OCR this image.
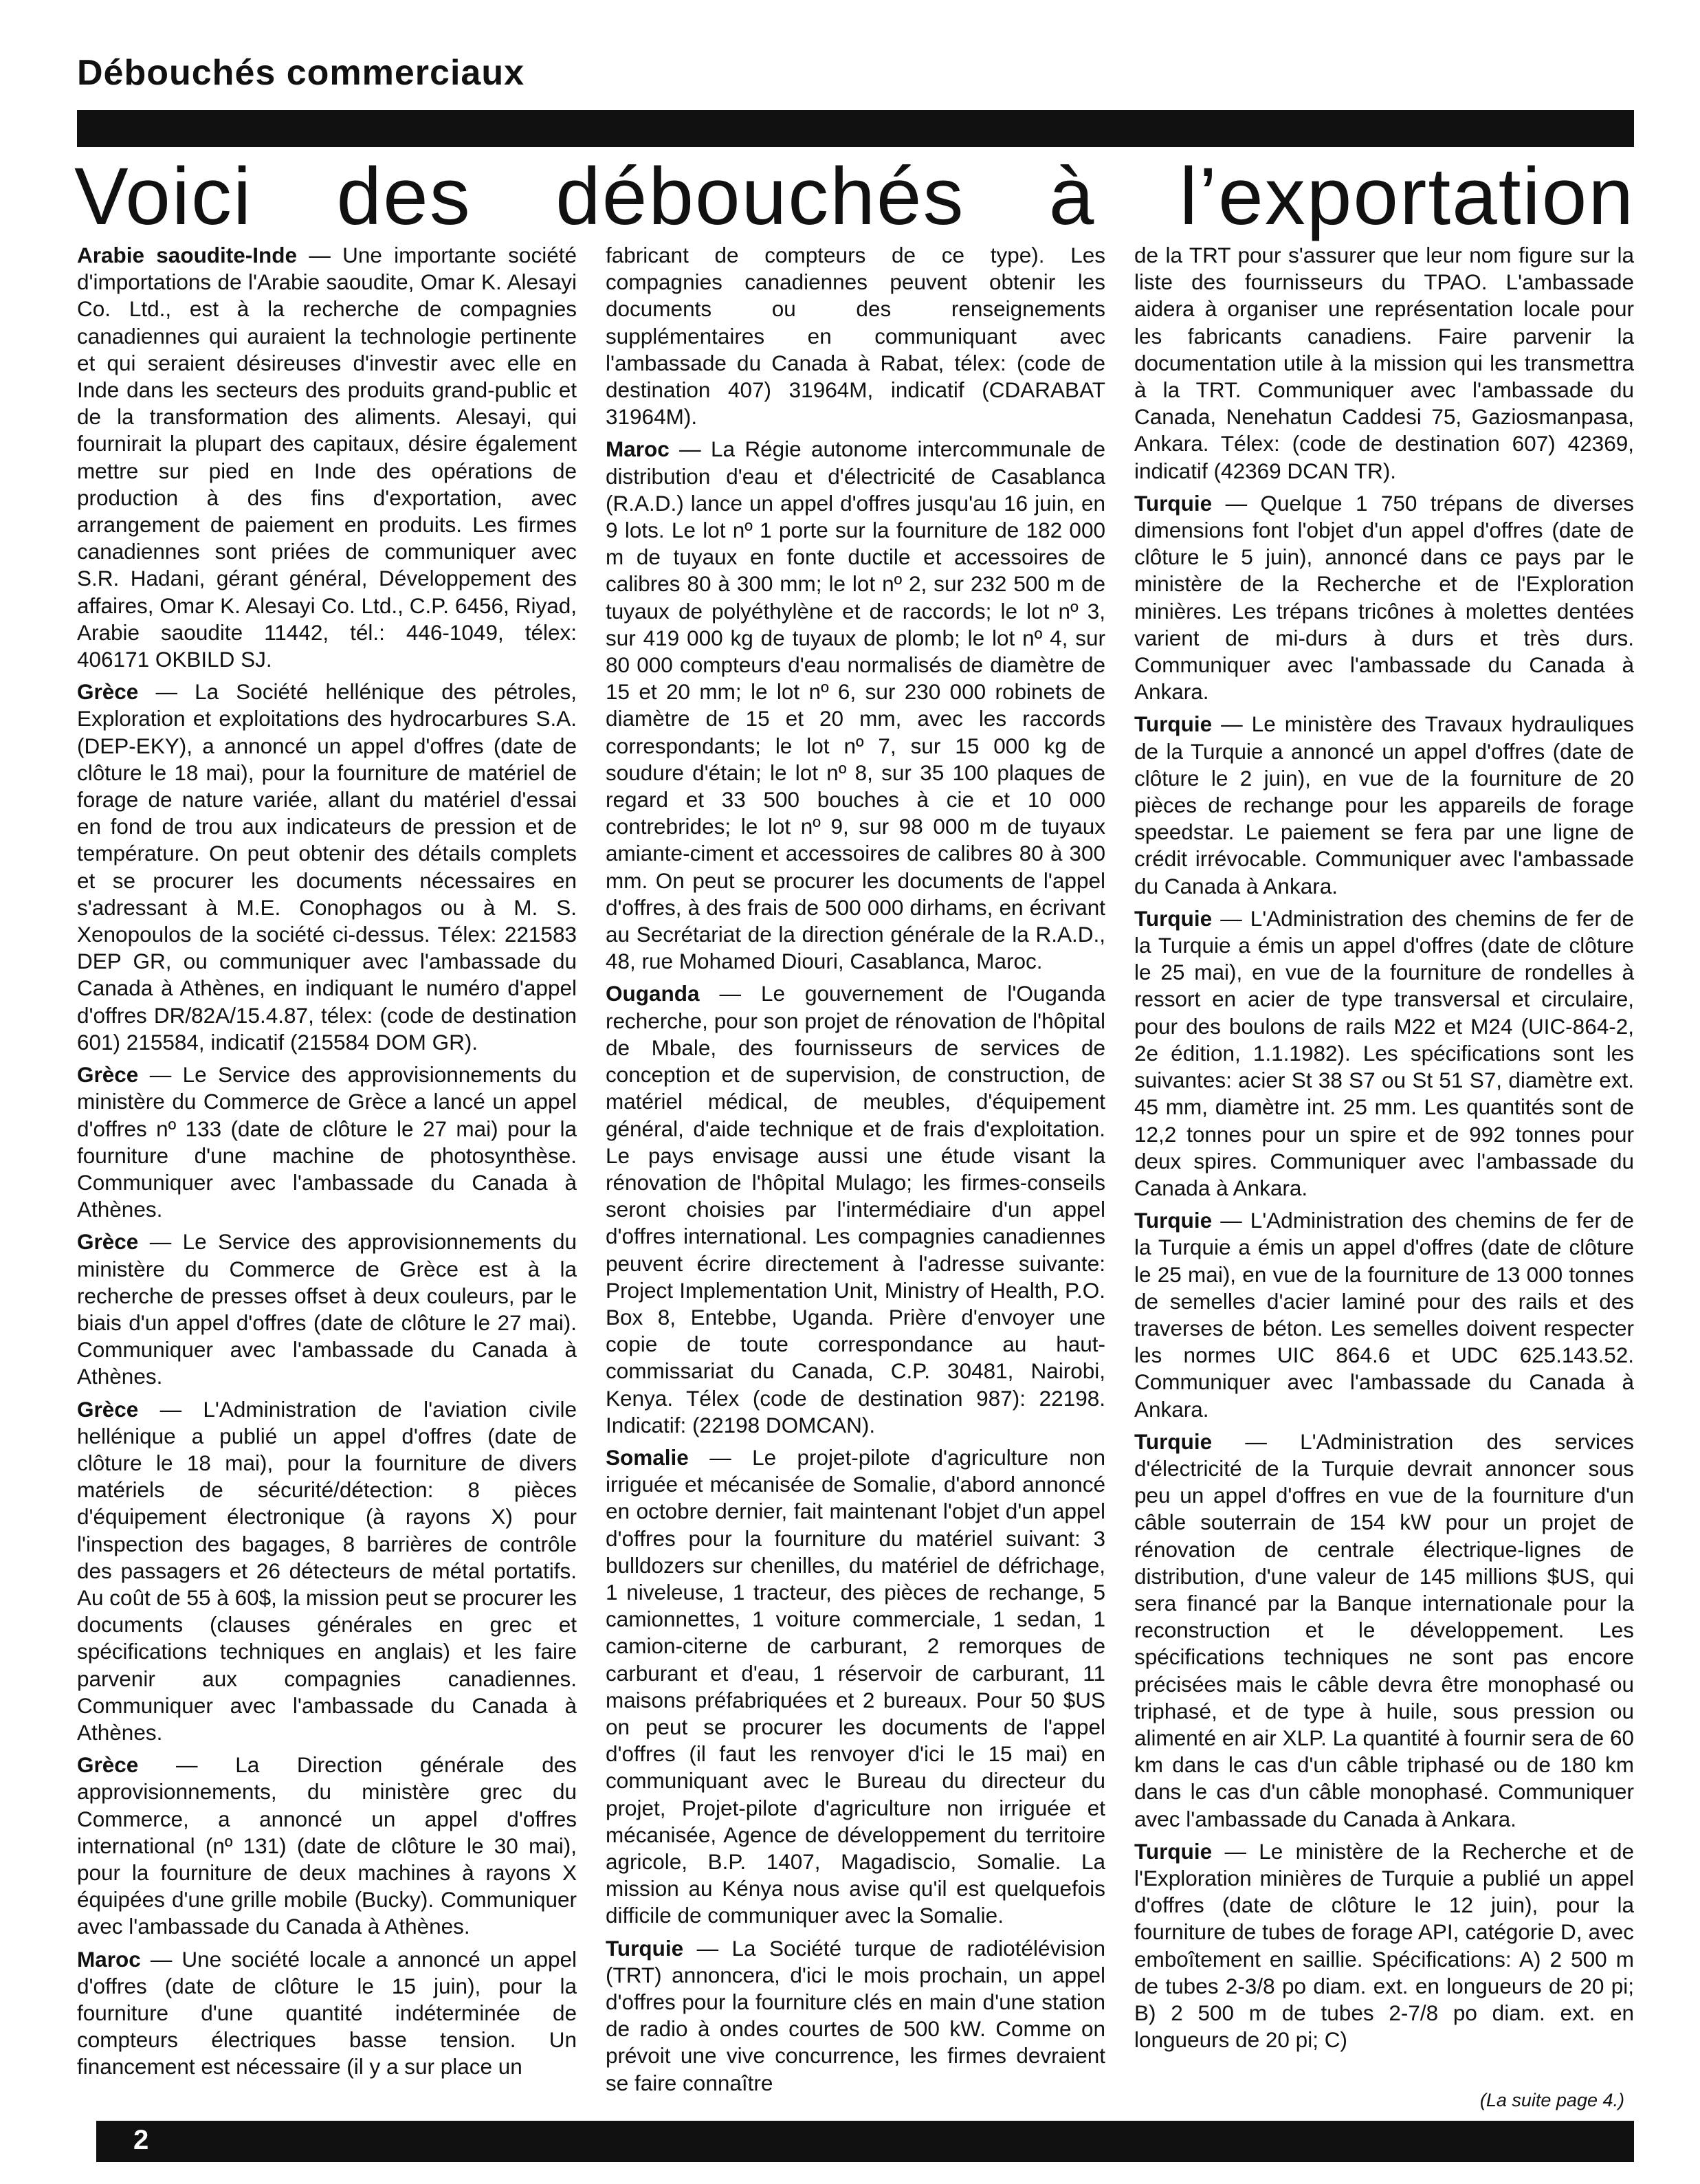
Débouchés commerciaux
Voici des débouchés à l’exportation

Arabie saoudite-Inde — Une importante société d'importations de l'Arabie saoudite, Omar K. Alesayi Co. Ltd., est à la recherche de compagnies canadiennes qui auraient la technologie pertinente et qui seraient désireuses d'investir avec elle en Inde dans les secteurs des produits grand-public et de la transformation des aliments. Alesayi, qui fournirait la plupart des capitaux, désire également mettre sur pied en Inde des opérations de production à des fins d'exportation, avec arrangement de paiement en produits. Les firmes canadiennes sont priées de communiquer avec S.R. Hadani, gérant général, Développement des affaires, Omar K. Alesayi Co. Ltd., C.P. 6456, Riyad, Arabie saoudite 11442, tél.: 446-1049, télex: 406171 OKBILD SJ.

Grèce — La Société hellénique des pétroles, Exploration et exploitations des hydrocarbures S.A. (DEP-EKY), a annoncé un appel d'offres (date de clôture le 18 mai), pour la fourniture de matériel de forage de nature variée, allant du matériel d'essai en fond de trou aux indicateurs de pression et de température. On peut obtenir des détails complets et se procurer les documents nécessaires en s'adressant à M.E. Conophagos ou à M. S. Xenopoulos de la société ci-dessus. Télex: 221583 DEP GR, ou communiquer avec l'ambassade du Canada à Athènes, en indiquant le numéro d'appel d'offres DR/82A/15.4.87, télex: (code de destination 601) 215584, indicatif (215584 DOM GR).

Grèce — Le Service des approvisionnements du ministère du Commerce de Grèce a lancé un appel d'offres nº 133 (date de clôture le 27 mai) pour la fourniture d'une machine de photosynthèse. Communiquer avec l'ambassade du Canada à Athènes.

Grèce — Le Service des approvisionnements du ministère du Commerce de Grèce est à la recherche de presses offset à deux couleurs, par le biais d'un appel d'offres (date de clôture le 27 mai). Communiquer avec l'ambassade du Canada à Athènes.

Grèce — L'Administration de l'aviation civile hellénique a publié un appel d'offres (date de clôture le 18 mai), pour la fourniture de divers matériels de sécurité/détection: 8 pièces d'équipement électronique (à rayons X) pour l'inspection des bagages, 8 barrières de contrôle des passagers et 26 détecteurs de métal portatifs. Au coût de 55 à 60$, la mission peut se procurer les documents (clauses générales en grec et spécifications techniques en anglais) et les faire parvenir aux compagnies canadiennes. Communiquer avec l'ambassade du Canada à Athènes.

Grèce — La Direction générale des approvisionnements, du ministère grec du Commerce, a annoncé un appel d'offres international (nº 131) (date de clôture le 30 mai), pour la fourniture de deux machines à rayons X équipées d'une grille mobile (Bucky). Communiquer avec l'ambassade du Canada à Athènes.

Maroc — Une société locale a annoncé un appel d'offres (date de clôture le 15 juin), pour la fourniture d'une quantité indéterminée de compteurs électriques basse tension. Un financement est nécessaire (il y a sur place un

fabricant de compteurs de ce type). Les compagnies canadiennes peuvent obtenir les documents ou des renseignements supplémentaires en communiquant avec l'ambassade du Canada à Rabat, télex: (code de destination 407) 31964M, indicatif (CDARABAT 31964M).

Maroc — La Régie autonome intercommunale de distribution d'eau et d'électricité de Casablanca (R.A.D.) lance un appel d'offres jusqu'au 16 juin, en 9 lots. Le lot nº 1 porte sur la fourniture de 182 000 m de tuyaux en fonte ductile et accessoires de calibres 80 à 300 mm; le lot nº 2, sur 232 500 m de tuyaux de polyéthylène et de raccords; le lot nº 3, sur 419 000 kg de tuyaux de plomb; le lot nº 4, sur 80 000 compteurs d'eau normalisés de diamètre de 15 et 20 mm; le lot nº 6, sur 230 000 robinets de diamètre de 15 et 20 mm, avec les raccords correspondants; le lot nº 7, sur 15 000 kg de soudure d'étain; le lot nº 8, sur 35 100 plaques de regard et 33 500 bouches à cie et 10 000 contrebrides; le lot nº 9, sur 98 000 m de tuyaux amiante-ciment et accessoires de calibres 80 à 300 mm. On peut se procurer les documents de l'appel d'offres, à des frais de 500 000 dirhams, en écrivant au Secrétariat de la direction générale de la R.A.D., 48, rue Mohamed Diouri, Casablanca, Maroc.

Ouganda — Le gouvernement de l'Ouganda recherche, pour son projet de rénovation de l'hôpital de Mbale, des fournisseurs de services de conception et de supervision, de construction, de matériel médical, de meubles, d'équipement général, d'aide technique et de frais d'exploitation. Le pays envisage aussi une étude visant la rénovation de l'hôpital Mulago; les firmes-conseils seront choisies par l'intermédiaire d'un appel d'offres international. Les compagnies canadiennes peuvent écrire directement à l'adresse suivante: Project Implementation Unit, Ministry of Health, P.O. Box 8, Entebbe, Uganda. Prière d'envoyer une copie de toute correspondance au haut-commissariat du Canada, C.P. 30481, Nairobi, Kenya. Télex (code de destination 987): 22198. Indicatif: (22198 DOMCAN).

Somalie — Le projet-pilote d'agriculture non irriguée et mécanisée de Somalie, d'abord annoncé en octobre dernier, fait maintenant l'objet d'un appel d'offres pour la fourniture du matériel suivant: 3 bulldozers sur chenilles, du matériel de défrichage, 1 niveleuse, 1 tracteur, des pièces de rechange, 5 camionnettes, 1 voiture commerciale, 1 sedan, 1 camion-citerne de carburant, 2 remorques de carburant et d'eau, 1 réservoir de carburant, 11 maisons préfabriquées et 2 bureaux. Pour 50 $US on peut se procurer les documents de l'appel d'offres (il faut les renvoyer d'ici le 15 mai) en communiquant avec le Bureau du directeur du projet, Projet-pilote d'agriculture non irriguée et mécanisée, Agence de développement du territoire agricole, B.P. 1407, Magadiscio, Somalie. La mission au Kénya nous avise qu'il est quelquefois difficile de communiquer avec la Somalie.

Turquie — La Société turque de radiotélévision (TRT) annoncera, d'ici le mois prochain, un appel d'offres pour la fourniture clés en main d'une station de radio à ondes courtes de 500 kW. Comme on prévoit une vive concurrence, les firmes devraient se faire connaître

de la TRT pour s'assurer que leur nom figure sur la liste des fournisseurs du TPAO. L'ambassade aidera à organiser une représentation locale pour les fabricants canadiens. Faire parvenir la documentation utile à la mission qui les transmettra à la TRT. Communiquer avec l'ambassade du Canada, Nenehatun Caddesi 75, Gaziosmanpasa, Ankara. Télex: (code de destination 607) 42369, indicatif (42369 DCAN TR).

Turquie — Quelque 1 750 trépans de diverses dimensions font l'objet d'un appel d'offres (date de clôture le 5 juin), annoncé dans ce pays par le ministère de la Recherche et de l'Exploration minières. Les trépans tricônes à molettes dentées varient de mi-durs à durs et très durs. Communiquer avec l'ambassade du Canada à Ankara.

Turquie — Le ministère des Travaux hydrauliques de la Turquie a annoncé un appel d'offres (date de clôture le 2 juin), en vue de la fourniture de 20 pièces de rechange pour les appareils de forage speedstar. Le paiement se fera par une ligne de crédit irrévocable. Communiquer avec l'ambassade du Canada à Ankara.

Turquie — L'Administration des chemins de fer de la Turquie a émis un appel d'offres (date de clôture le 25 mai), en vue de la fourniture de rondelles à ressort en acier de type transversal et circulaire, pour des boulons de rails M22 et M24 (UIC-864-2, 2e édition, 1.1.1982). Les spécifications sont les suivantes: acier St 38 S7 ou St 51 S7, diamètre ext. 45 mm, diamètre int. 25 mm. Les quantités sont de 12,2 tonnes pour un spire et de 992 tonnes pour deux spires. Communiquer avec l'ambassade du Canada à Ankara.

Turquie — L'Administration des chemins de fer de la Turquie a émis un appel d'offres (date de clôture le 25 mai), en vue de la fourniture de 13 000 tonnes de semelles d'acier laminé pour des rails et des traverses de béton. Les semelles doivent respecter les normes UIC 864.6 et UDC 625.143.52. Communiquer avec l'ambassade du Canada à Ankara.

Turquie — L'Administration des services d'électricité de la Turquie devrait annoncer sous peu un appel d'offres en vue de la fourniture d'un câble souterrain de 154 kW pour un projet de rénovation de centrale électrique-lignes de distribution, d'une valeur de 145 millions $US, qui sera financé par la Banque internationale pour la reconstruction et le développement. Les spécifications techniques ne sont pas encore précisées mais le câble devra être monophasé ou triphasé, et de type à huile, sous pression ou alimenté en air XLP. La quantité à fournir sera de 60 km dans le cas d'un câble triphasé ou de 180 km dans le cas d'un câble monophasé. Communiquer avec l'ambassade du Canada à Ankara.

Turquie — Le ministère de la Recherche et de l'Exploration minières de Turquie a publié un appel d'offres (date de clôture le 12 juin), pour la fourniture de tubes de forage API, catégorie D, avec emboîtement en saillie. Spécifications: A) 2 500 m de tubes 2-3/8 po diam. ext. en longueurs de 20 pi; B) 2 500 m de tubes 2-7/8 po diam. ext. en longueurs de 20 pi; C)

(La suite page 4.)

2
